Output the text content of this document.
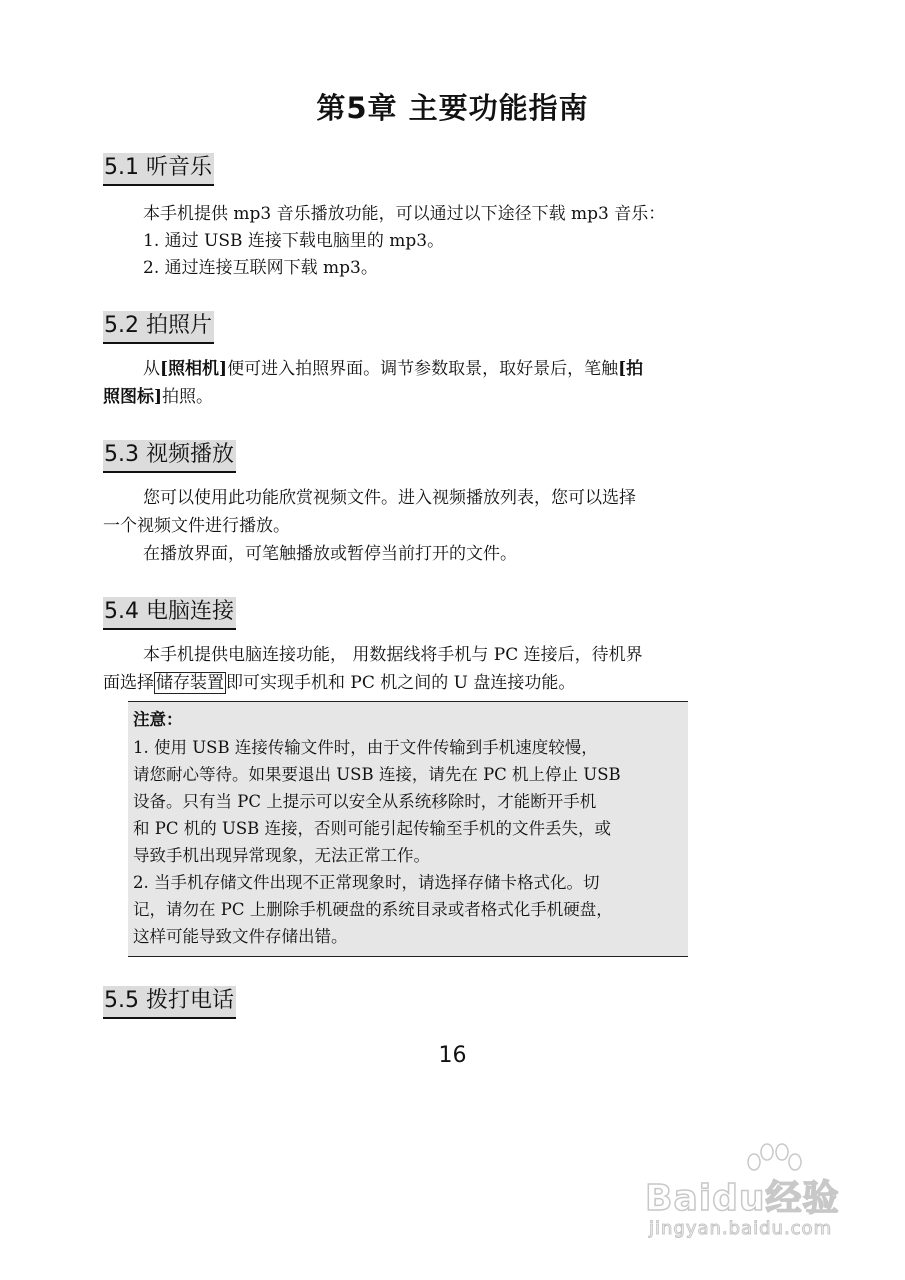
第5章 主要功能指南
5.1 听音乐

本手机提供 mp3 音乐播放功能，可以通过以下途径下载 mp3 音乐：

1. 通过 USB 连接下载电脑里的 mp3。

2. 通过连接互联网下载 mp3。

5.2 拍照片

从[照相机]便可进入拍照界面。调节参数取景，取好景后，笔触[拍

照图标]拍照。

5.3 视频播放

您可以使用此功能欣赏视频文件。进入视频播放列表，您可以选择

一个视频文件进行播放。

在播放界面，可笔触播放或暂停当前打开的文件。

5.4 电脑连接

本手机提供电脑连接功能， 用数据线将手机与 PC 连接后，待机界

面选择 储存装置 即可实现手机和 PC 机之间的 U 盘连接功能。

注意：

1. 使用 USB 连接传输文件时，由于文件传输到手机速度较慢，

请您耐心等待。如果要退出 USB 连接，请先在 PC 机上停止 USB

设备。只有当 PC 上提示可以安全从系统移除时，才能断开手机

和 PC 机的 USB 连接，否则可能引起传输至手机的文件丢失，或

导致手机出现异常现象，无法正常工作。

2. 当手机存储文件出现不正常现象时，请选择存储卡格式化。切

记，请勿在 PC 上删除手机硬盘的系统目录或者格式化手机硬盘，

这样可能导致文件存储出错。

5.5 拨打电话
16
Baidu经验
jingyan.baidu.com
